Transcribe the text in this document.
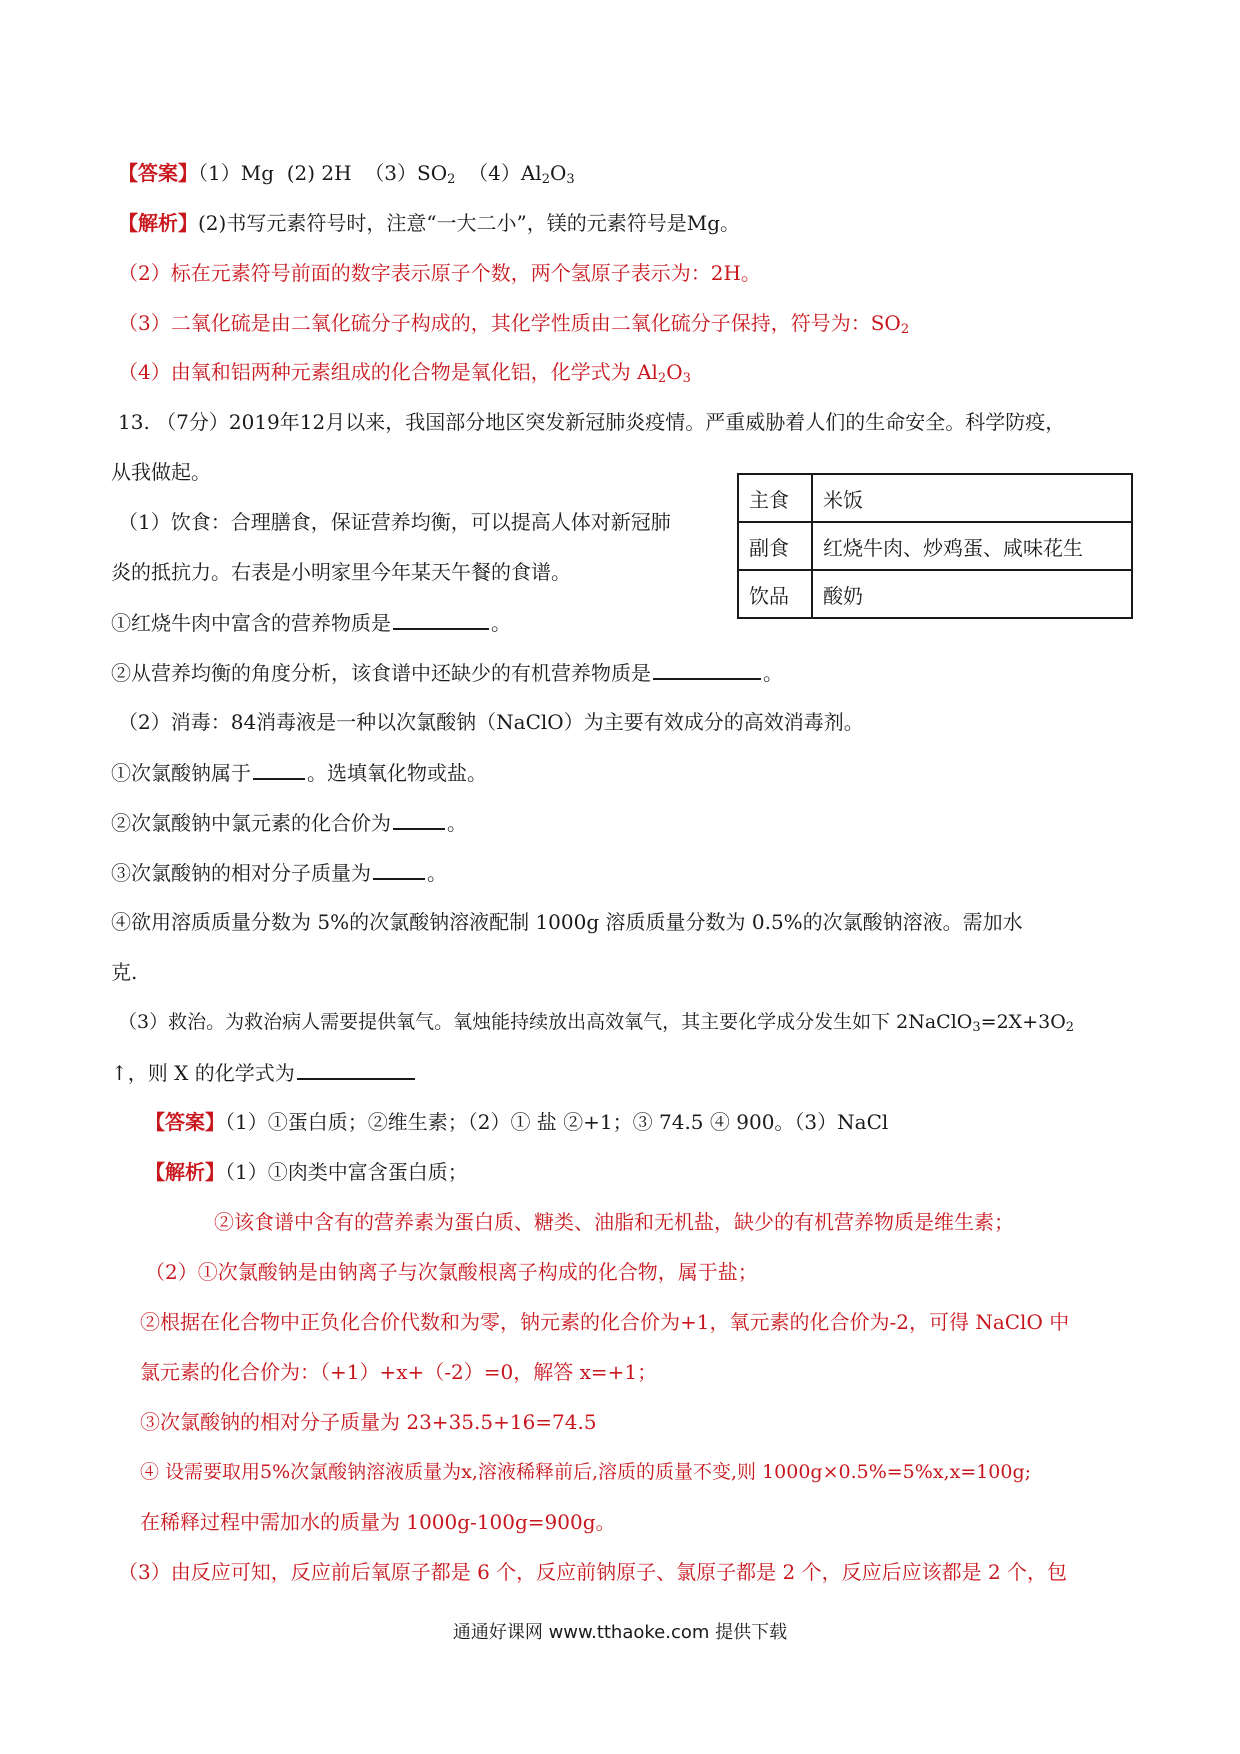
【答案】（1）Mg (2) 2H $(3)SO_2$ $(4)Al_2O_3$
【解析】(2)书写元素符号时，注意“一大二小”，镁的元素符号是Mg。
（2）标在元素符号前面的数字表示原子个数，两个氢原子表示为：2H。
（3）二氧化硫是由二氧化硫分子构成的，其化学性质由二氧化硫分子保持，符号为：$SO_2$
（4）由氧和铝两种元素组成的化合物是氧化铝，化学式为 $Al_2O_3$
13. （7分）2019年12月以来，我国部分地区突发新冠肺炎疫情。严重威胁着人们的生命安全。科学防疫，
从我做起。
（1）饮食：合理膳食，保证营养均衡，可以提高人体对新冠肺
炎的抵抗力。右表是小明家里今年某天午餐的食谱。
主食	米饭
副食	红烧牛肉、炒鸡蛋、咸味花生
饮品	酸奶
①红烧牛肉中富含的营养物质是	。
②从营养均衡的角度分析，该食谱中还缺少的有机营养物质是	。
（2）消毒：84消毒液是一种以次氯酸钠（NaClO）为主要有效成分的高效消毒剂。
①次氯酸钠属于	。选填氧化物或盐。
②次氯酸钠中氯元素的化合价为	。
③次氯酸钠的相对分子质量为	。
④欲用溶质质量分数为 5%的次氯酸钠溶液配制 1000g 溶质质量分数为 0.5%的次氯酸钠溶液。需加水
克.
（3）救治。为救治病人需要提供氧气。氧烛能持续放出高效氧气，其主要化学成分发生如下 $2NaClO_3=2X+3O_2$
↑，则 X 的化学式为
【答案】（1）①蛋白质；②维生素；（2）① 盐 ②+1；③ 74.5 ④ 900。（3）NaCl
【解析】（1）①肉类中富含蛋白质；
②该食谱中含有的营养素为蛋白质、糖类、油脂和无机盐，缺少的有机营养物质是维生素；
（2）①次氯酸钠是由钠离子与次氯酸根离子构成的化合物，属于盐；
②根据在化合物中正负化合价代数和为零，钠元素的化合价为+1，氧元素的化合价为-2，可得 NaClO 中
氯元素的化合价为：（+1）+x+（-2）=0，解答 x=+1；
③次氯酸钠的相对分子质量为 23+35.5+16=74.5
④ 设需要取用5%次氯酸钠溶液质量为x,溶液稀释前后,溶质的质量不变,则 1000g×0.5%=5%x,x=100g;
在稀释过程中需加水的质量为 1000g-100g=900g。
（3）由反应可知，反应前后氧原子都是 6 个，反应前钠原子、氯原子都是 2 个，反应后应该都是 2 个，包
通通好课网 www.tthaoke.com 提供下载
